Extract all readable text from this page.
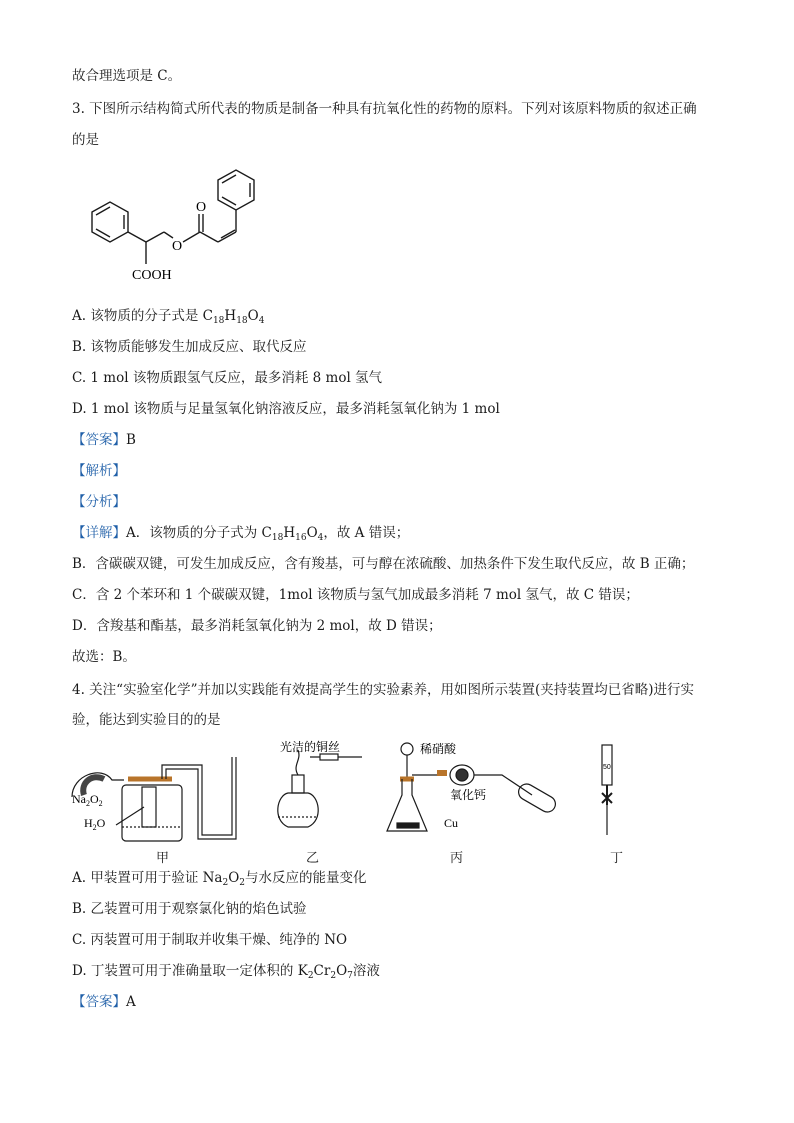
故合理选项是 C。
3. 下图所示结构简式所代表的物质是制备一种具有抗氧化性的药物的原料。下列对该原料物质的叙述正确
的是
O
O
COOH
A. 该物质的分子式是 $C_{18}H_{18}O_4$
B. 该物质能够发生加成反应、取代反应
C. 1 mol 该物质跟氢气反应，最多消耗 8 mol 氢气
D. 1 mol 该物质与足量氢氧化钠溶液反应，最多消耗氢氧化钠为 1 mol
【答案】B
【解析】
【分析】
【详解】A．该物质的分子式为 $C_{18}H_{16}O_4$，故 A 错误；
B．含碳碳双键，可发生加成反应，含有羧基，可与醇在浓硫酸、加热条件下发生取代反应，故 B 正确；
C．含 2 个苯环和 1 个碳碳双键，1mol 该物质与氢气加成最多消耗 7 mol 氢气，故 C 错误；
D．含羧基和酯基，最多消耗氢氧化钠为 2 mol，故 D 错误；
故选：B。
4. 关注“实验室化学”并加以实践能有效提高学生的实验素养，用如图所示装置(夹持装置均已省略)进行实
验，能达到实验目的的是
$Na_2O_2$
$H_2O$
光洁的铜丝	稀硝酸
氧化钙
Cu
50
甲	乙	丙	丁
A. 甲装置可用于验证 $Na_2O_2$与水反应的能量变化
B. 乙装置可用于观察氯化钠的焰色试验
C. 丙装置可用于制取并收集干燥、纯净的 NO
D. 丁装置可用于准确量取一定体积的 $K_2Cr_2O_7$溶液
【答案】A
